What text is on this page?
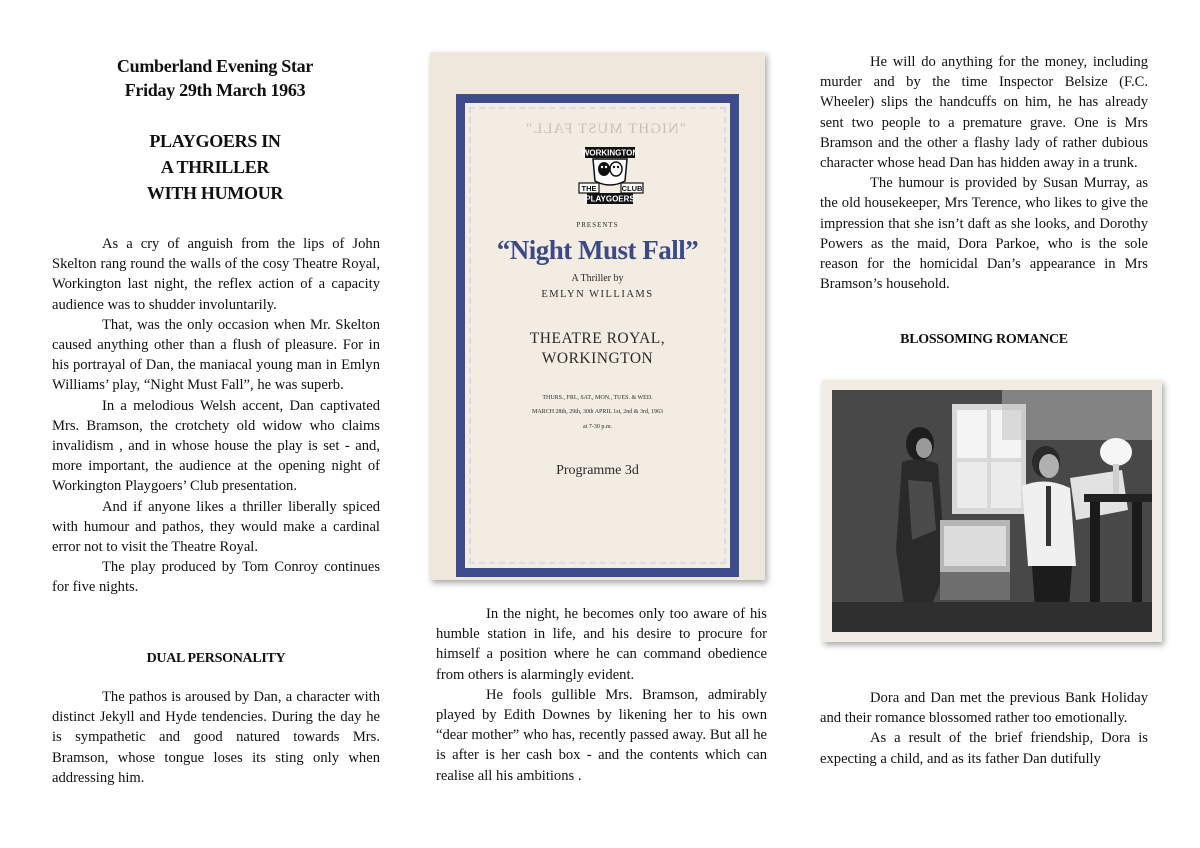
Cumberland Evening Star
Friday 29th March 1963
PLAYGOERS IN
A THRILLER
WITH HUMOUR

As a cry of anguish from the lips of John Skelton rang round the walls of the cosy Theatre Royal, Workington last night, the reflex action of a capacity audience was to shudder involuntarily.

That, was the only occasion when Mr. Skelton caused anything other than a flush of pleasure. For in his portrayal of Dan, the maniacal young man in Emlyn Williams’ play, “Night Must Fall”, he was superb.

In a melodious Welsh accent, Dan captivated Mrs. Bramson, the crotchety old widow who claims invalidism , and in whose house the play is set - and, more important, the audience at the opening night of Workington Playgoers’ Club presentation.

And if anyone likes a thriller liberally spiced with humour and pathos, they would make a cardinal error not to visit the Theatre Royal.

The play produced by Tom Conroy continues for five nights.

DUAL PERSONALITY

The pathos is aroused by Dan, a character with distinct Jekyll and Hyde tendencies. During the day he is sympathetic and good natured towards Mrs. Bramson, whose tongue loses its sting only when addressing him.

"NIGHT MUST FALL"
WORKINGTON
THE	CLUB
PLAYGOERS
PRESENTS
“Night Must Fall”
A Thriller by
EMLYN WILLIAMS
THEATRE ROYAL,
WORKINGTON
THURS., FRI., SAT., MON., TUES. & WED.
MARCH 28th, 29th, 30th APRIL 1st, 2nd & 3rd, 1963
at 7-30 p.m.
Programme 3d

In the night, he becomes only too aware of his humble station in life, and his desire to procure for himself a position where he can command obedience from others is alarmingly evident.

He fools gullible Mrs. Bramson, admirably played by Edith Downes by likening her to his own “dear mother” who has, recently passed away. But all he is after is her cash box - and the contents which can realise all his ambitions .

He will do anything for the money, including murder and by the time Inspector Belsize (F.C. Wheeler) slips the handcuffs on him, he has already sent two people to a premature grave. One is Mrs Bramson and the other a flashy lady of rather dubious character whose head Dan has hidden away in a trunk.

The humour is provided by Susan Murray, as the old housekeeper, Mrs Terence, who likes to give the impression that she isn’t daft as she looks, and Dorothy Powers as the maid, Dora Parkoe, who is the sole reason for the homicidal Dan’s appearance in Mrs Bramson’s household.

BLOSSOMING ROMANCE

Dora and Dan met the previous Bank Holiday and their romance blossomed rather too emotionally.

As a result of the brief friendship, Dora is expecting a child, and as its father Dan dutifully
